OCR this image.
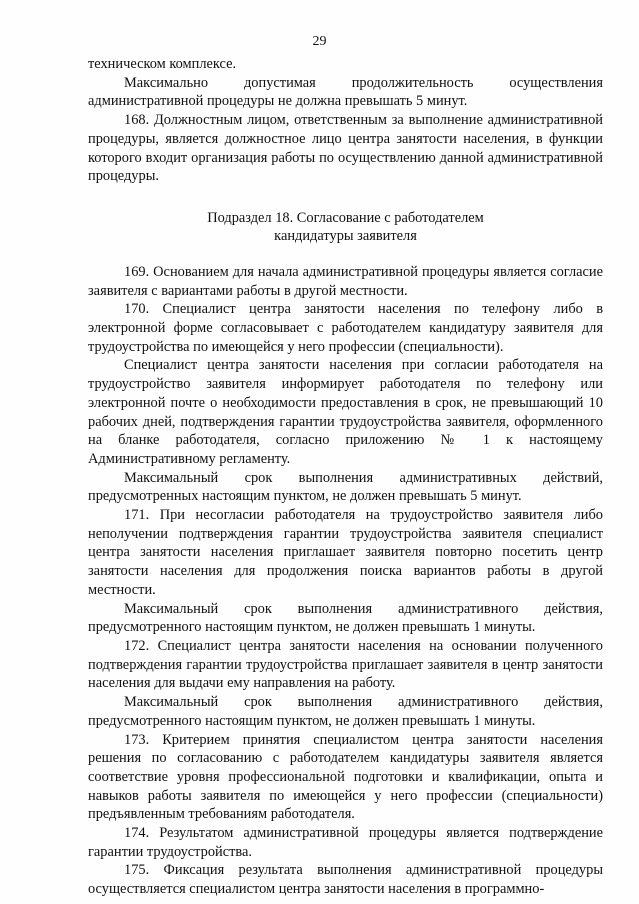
29

техническом комплексе.

Максимально допустимая продолжительность осуществления административной процедуры не должна превышать 5 минут.

168. Должностным лицом, ответственным за выполнение административной процедуры, является должностное лицо центра занятости населения, в функции которого входит организация работы по осуществлению данной административной процедуры.

Подраздел 18. Согласование с работодателем
кандидатуры заявителя

169. Основанием для начала административной процедуры является согласие заявителя с вариантами работы в другой местности.

170. Специалист центра занятости населения по телефону либо в электронной форме согласовывает с работодателем кандидатуру заявителя для трудоустройства по имеющейся у него профессии (специальности).

Специалист центра занятости населения при согласии работодателя на трудоустройство заявителя информирует работодателя по телефону или электронной почте о необходимости предоставления в срок, не превышающий 10 рабочих дней, подтверждения гарантии трудоустройства заявителя, оформленного на бланке работодателя, согласно приложению № 1 к настоящему Административному регламенту.

Максимальный срок выполнения административных действий, предусмотренных настоящим пунктом, не должен превышать 5 минут.

171. При несогласии работодателя на трудоустройство заявителя либо неполучении подтверждения гарантии трудоустройства заявителя специалист центра занятости населения приглашает заявителя повторно посетить центр занятости населения для продолжения поиска вариантов работы в другой местности.

Максимальный срок выполнения административного действия, предусмотренного настоящим пунктом, не должен превышать 1 минуты.

172. Специалист центра занятости населения на основании полученного подтверждения гарантии трудоустройства приглашает заявителя в центр занятости населения для выдачи ему направления на работу.

Максимальный срок выполнения административного действия, предусмотренного настоящим пунктом, не должен превышать 1 минуты.

173. Критерием принятия специалистом центра занятости населения решения по согласованию с работодателем кандидатуры заявителя является соответствие уровня профессиональной подготовки и квалификации, опыта и навыков работы заявителя по имеющейся у него профессии (специальности) предъявленным требованиям работодателя.

174. Результатом административной процедуры является подтверждение гарантии трудоустройства.

175. Фиксация результата выполнения административной процедуры осуществляется специалистом центра занятости населения в программно-
